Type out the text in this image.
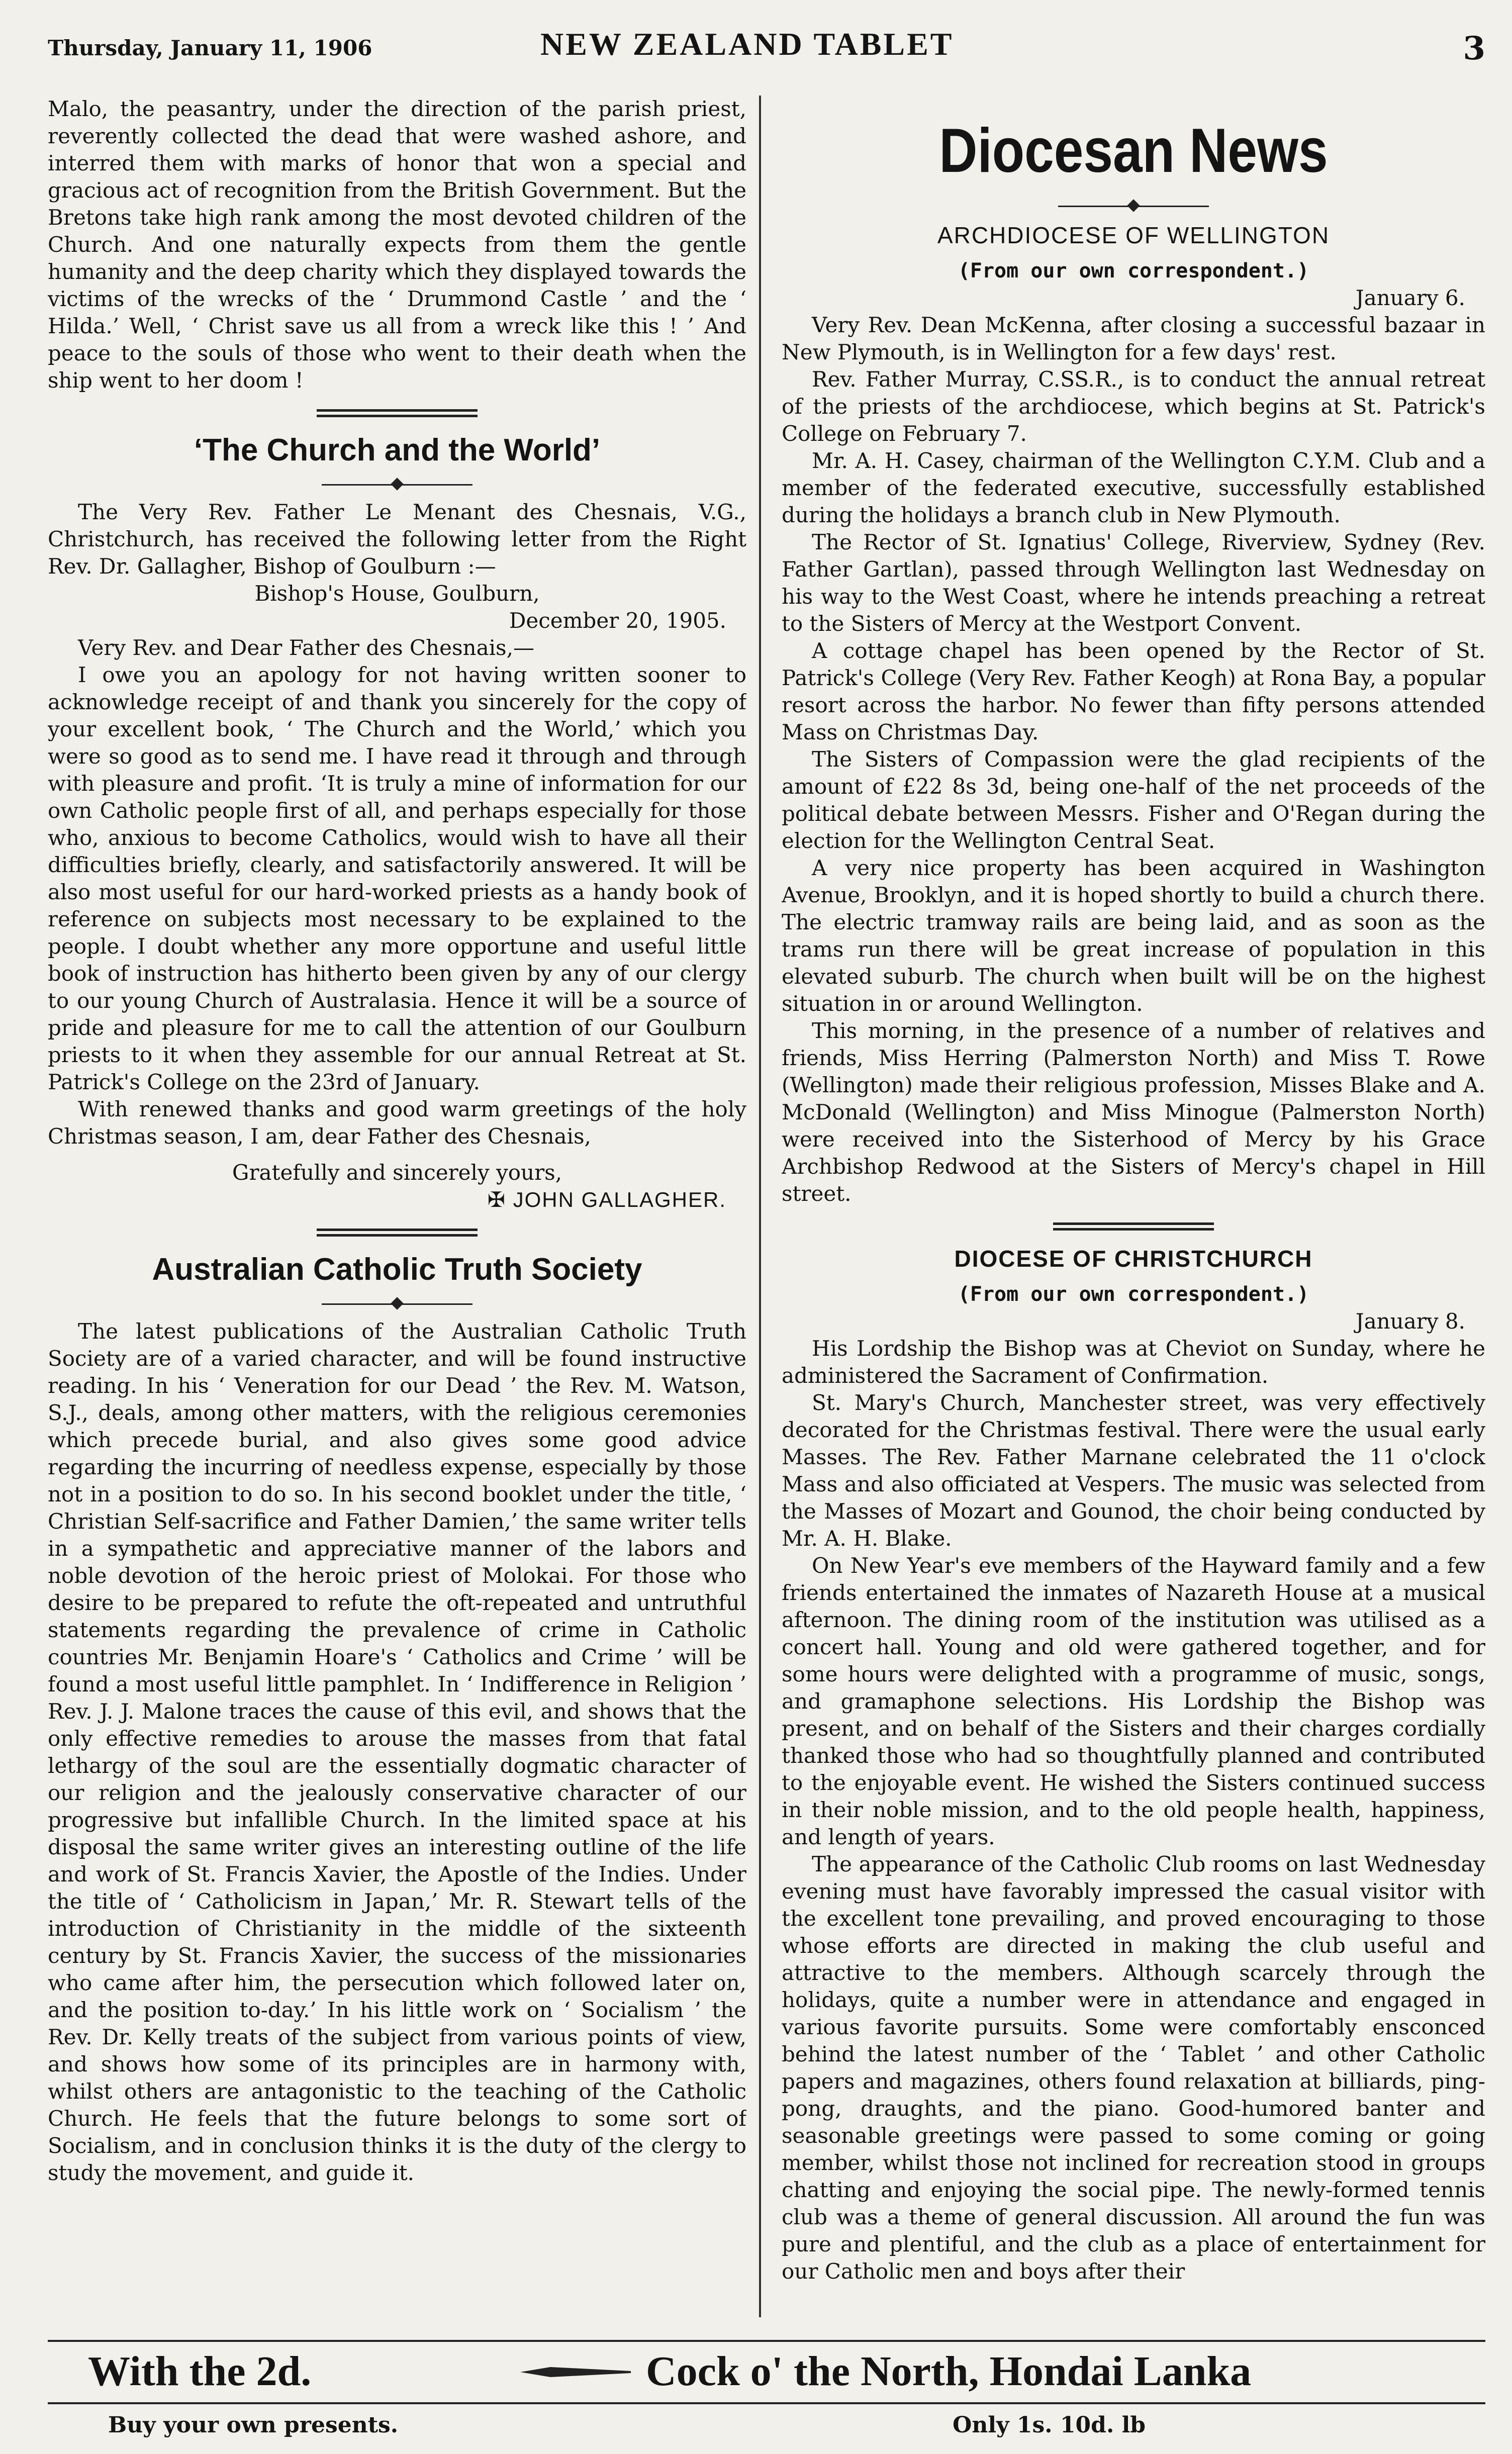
Thursday, January 11, 1906	NEW ZEALAND TABLET	3

Malo, the peasantry, under the direction of the parish priest, reverently collected the dead that were washed ashore, and interred them with marks of honor that won a special and gracious act of recognition from the British Government. But the Bretons take high rank among the most devoted children of the Church. And one naturally expects from them the gentle humanity and the deep charity which they displayed towards the victims of the wrecks of the ‘ Drummond Castle ’ and the ‘ Hilda.’ Well, ‘ Christ save us all from a wreck like this ! ’ And peace to the souls of those who went to their death when the ship went to her doom !

‘The Church and the World’

The Very Rev. Father Le Menant des Chesnais, V.G., Christchurch, has received the following letter from the Right Rev. Dr. Gallagher, Bishop of Goulburn :—

Bishop's House, Goulburn,

December 20, 1905.

Very Rev. and Dear Father des Chesnais,—

I owe you an apology for not having written sooner to acknowledge receipt of and thank you sincerely for the copy of your excellent book, ‘ The Church and the World,’ which you were so good as to send me. I have read it through and through with pleasure and profit. ‘It is truly a mine of information for our own Catholic people first of all, and perhaps especially for those who, anxious to become Catholics, would wish to have all their difficulties briefly, clearly, and satisfactorily answered. It will be also most useful for our hard-worked priests as a handy book of reference on subjects most necessary to be explained to the people. I doubt whether any more opportune and useful little book of instruction has hitherto been given by any of our clergy to our young Church of Australasia. Hence it will be a source of pride and pleasure for me to call the attention of our Goulburn priests to it when they assemble for our annual Retreat at St. Patrick's College on the 23rd of January.

With renewed thanks and good warm greetings of the holy Christmas season, I am, dear Father des Chesnais,

Gratefully and sincerely yours,

✠ JOHN GALLAGHER.

Australian Catholic Truth Society

The latest publications of the Australian Catholic Truth Society are of a varied character, and will be found instructive reading. In his ‘ Veneration for our Dead ’ the Rev. M. Watson, S.J., deals, among other matters, with the religious ceremonies which precede burial, and also gives some good advice regarding the incurring of needless expense, especially by those not in a position to do so. In his second booklet under the title, ‘ Christian Self-sacrifice and Father Damien,’ the same writer tells in a sympathetic and appreciative manner of the labors and noble devotion of the heroic priest of Molokai. For those who desire to be prepared to refute the oft-repeated and untruthful statements regarding the prevalence of crime in Catholic countries Mr. Benjamin Hoare's ‘ Catholics and Crime ’ will be found a most useful little pamphlet. In ‘ Indifference in Religion ’ Rev. J. J. Malone traces the cause of this evil, and shows that the only effective remedies to arouse the masses from that fatal lethargy of the soul are the essentially dogmatic character of our religion and the jealously conservative character of our progressive but infallible Church. In the limited space at his disposal the same writer gives an interesting outline of the life and work of St. Francis Xavier, the Apostle of the Indies. Under the title of ‘ Catholicism in Japan,’ Mr. R. Stewart tells of the introduction of Christianity in the middle of the sixteenth century by St. Francis Xavier, the success of the missionaries who came after him, the persecution which followed later on, and the position to-day.’ In his little work on ‘ Socialism ’ the Rev. Dr. Kelly treats of the subject from various points of view, and shows how some of its principles are in harmony with, whilst others are antagonistic to the teaching of the Catholic Church. He feels that the future belongs to some sort of Socialism, and in conclusion thinks it is the duty of the clergy to study the movement, and guide it.

Diocesan News
ARCHDIOCESE OF WELLINGTON
(From our own correspondent.)

January 6.

Very Rev. Dean McKenna, after closing a successful bazaar in New Plymouth, is in Wellington for a few days' rest.

Rev. Father Murray, C.SS.R., is to conduct the annual retreat of the priests of the archdiocese, which begins at St. Patrick's College on February 7.

Mr. A. H. Casey, chairman of the Wellington C.Y.M. Club and a member of the federated executive, successfully established during the holidays a branch club in New Plymouth.

The Rector of St. Ignatius' College, Riverview, Sydney (Rev. Father Gartlan), passed through Wellington last Wednesday on his way to the West Coast, where he intends preaching a retreat to the Sisters of Mercy at the Westport Convent.

A cottage chapel has been opened by the Rector of St. Patrick's College (Very Rev. Father Keogh) at Rona Bay, a popular resort across the harbor. No fewer than fifty persons attended Mass on Christmas Day.

The Sisters of Compassion were the glad recipients of the amount of £22 8s 3d, being one-half of the net proceeds of the political debate between Messrs. Fisher and O'Regan during the election for the Wellington Central Seat.

A very nice property has been acquired in Washington Avenue, Brooklyn, and it is hoped shortly to build a church there. The electric tramway rails are being laid, and as soon as the trams run there will be great increase of population in this elevated suburb. The church when built will be on the highest situation in or around Wellington.

This morning, in the presence of a number of relatives and friends, Miss Herring (Palmerston North) and Miss T. Rowe (Wellington) made their religious profession, Misses Blake and A. McDonald (Wellington) and Miss Minogue (Palmerston North) were received into the Sisterhood of Mercy by his Grace Archbishop Redwood at the Sisters of Mercy's chapel in Hill street.

DIOCESE OF CHRISTCHURCH
(From our own correspondent.)

January 8.

His Lordship the Bishop was at Cheviot on Sunday, where he administered the Sacrament of Confirmation.

St. Mary's Church, Manchester street, was very effectively decorated for the Christmas festival. There were the usual early Masses. The Rev. Father Marnane celebrated the 11 o'clock Mass and also officiated at Vespers. The music was selected from the Masses of Mozart and Gounod, the choir being conducted by Mr. A. H. Blake.

On New Year's eve members of the Hayward family and a few friends entertained the inmates of Nazareth House at a musical afternoon. The dining room of the institution was utilised as a concert hall. Young and old were gathered together, and for some hours were delighted with a programme of music, songs, and gramaphone selections. His Lordship the Bishop was present, and on behalf of the Sisters and their charges cordially thanked those who had so thoughtfully planned and contributed to the enjoyable event. He wished the Sisters continued success in their noble mission, and to the old people health, happiness, and length of years.

The appearance of the Catholic Club rooms on last Wednesday evening must have favorably impressed the casual visitor with the excellent tone prevailing, and proved encouraging to those whose efforts are directed in making the club useful and attractive to the members. Although scarcely through the holidays, quite a number were in attendance and engaged in various favorite pursuits. Some were comfortably ensconced behind the latest number of the ‘ Tablet ’ and other Catholic papers and magazines, others found relaxation at billiards, ping-pong, draughts, and the piano. Good-humored banter and seasonable greetings were passed to some coming or going member, whilst those not inclined for recreation stood in groups chatting and enjoying the social pipe. The newly-formed tennis club was a theme of general discussion. All around the fun was pure and plentiful, and the club as a place of entertainment for our Catholic men and boys after their

With the 2d.	Cock o' the North, Hondai Lanka
Buy your own presents.	Only 1s. 10d. lb
